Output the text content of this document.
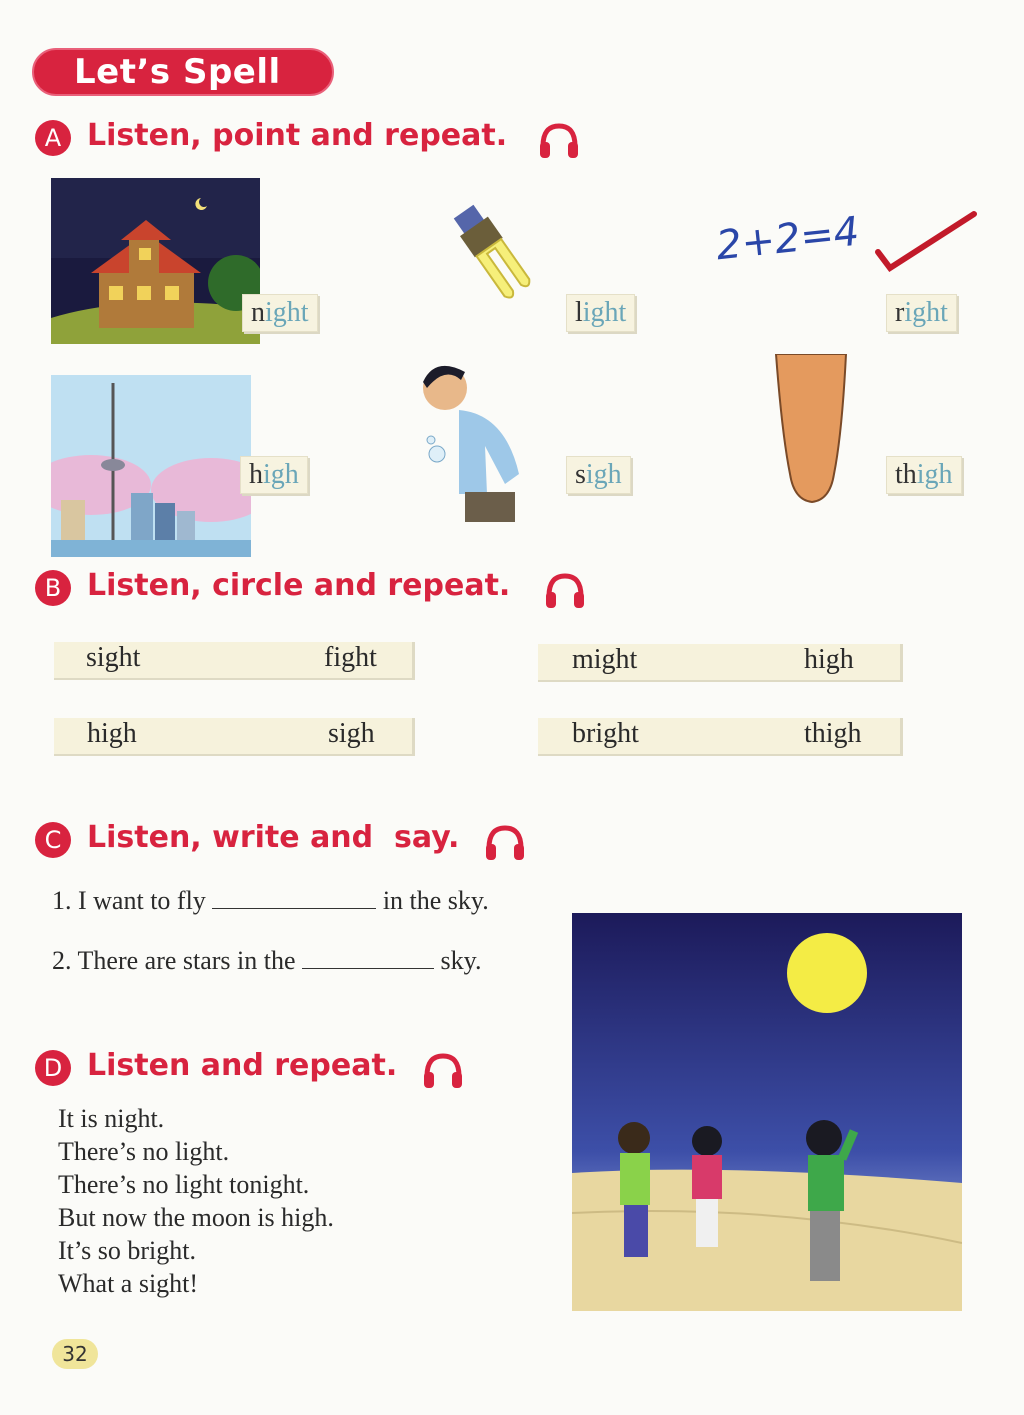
Let’s Spell
A Listen, point and repeat.
night	light
2+2=4
right
high	sigh	thigh
B Listen, circle and repeat.
sight	fight	might	high
high	sigh	bright	thigh
C Listen, write and  say.
1. I want to fly	in the sky.
2. There are stars in the	sky.
D Listen and repeat.
It is night.
There’s no light.
There’s no light tonight.
But now the moon is high.
It’s so bright.
What a sight!
32
